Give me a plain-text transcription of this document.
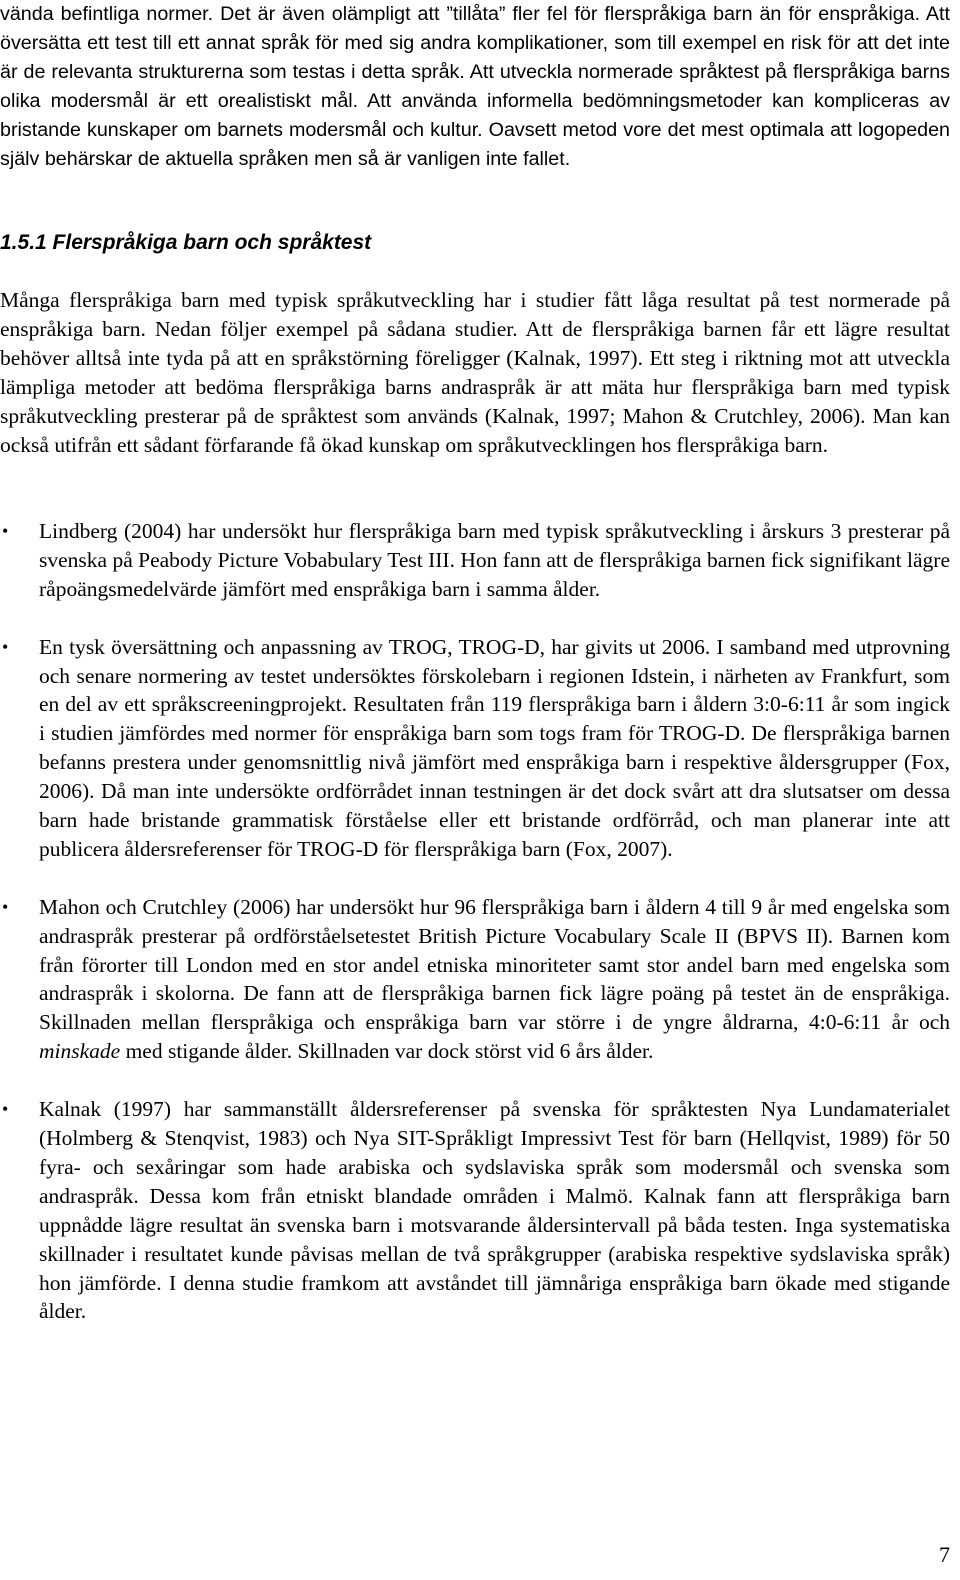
vända befintliga normer. Det är även olämpligt att ”tillåta” fler fel för flerspråkiga barn än för enspråkiga. Att översätta ett test till ett annat språk för med sig andra komplikationer, som till exempel en risk för att det inte är de relevanta strukturerna som testas i detta språk. Att utveckla normerade språktest på flerspråkiga barns olika modersmål är ett orealistiskt mål. Att använda informella bedömningsmetoder kan kompliceras av bristande kunskaper om barnets modersmål och kultur. Oavsett metod vore det mest optimala att logopeden själv behärskar de aktuella språken men så är vanligen inte fallet.
1.5.1 Flerspråkiga barn och språktest
Många flerspråkiga barn med typisk språkutveckling har i studier fått låga resultat på test normerade på enspråkiga barn. Nedan följer exempel på sådana studier. Att de flerspråkiga barnen får ett lägre resultat behöver alltså inte tyda på att en språkstörning föreligger (Kalnak, 1997). Ett steg i riktning mot att utveckla lämpliga metoder att bedöma flerspråkiga barns andraspråk är att mäta hur flerspråkiga barn med typisk språkutveckling presterar på de språktest som används (Kalnak, 1997; Mahon & Crutchley, 2006). Man kan också utifrån ett sådant förfarande få ökad kunskap om språkutvecklingen hos flerspråkiga barn.
• Lindberg (2004) har undersökt hur flerspråkiga barn med typisk språkutveckling i årskurs 3 presterar på svenska på Peabody Picture Vobabulary Test III. Hon fann att de flerspråkiga barnen fick signifikant lägre råpoängsmedelvärde jämfört med enspråkiga barn i samma ålder.
• En tysk översättning och anpassning av TROG, TROG-D, har givits ut 2006. I samband med utprovning och senare normering av testet undersöktes förskolebarn i regionen Idstein, i närheten av Frankfurt, som en del av ett språkscreeningprojekt. Resultaten från 119 flerspråkiga barn i åldern 3:0-6:11 år som ingick i studien jämfördes med normer för enspråkiga barn som togs fram för TROG-D. De flerspråkiga barnen befanns prestera under genomsnittlig nivå jämfört med enspråkiga barn i respektive åldersgrupper (Fox, 2006). Då man inte undersökte ordförrådet innan testningen är det dock svårt att dra slutsatser om dessa barn hade bristande grammatisk förståelse eller ett bristande ordförråd, och man planerar inte att publicera åldersreferenser för TROG-D för flerspråkiga barn (Fox, 2007).
• Mahon och Crutchley (2006) har undersökt hur 96 flerspråkiga barn i åldern 4 till 9 år med engelska som andraspråk presterar på ordförståelsetestet British Picture Vocabulary Scale II (BPVS II). Barnen kom från förorter till London med en stor andel etniska minoriteter samt stor andel barn med engelska som andraspråk i skolorna. De fann att de flerspråkiga barnen fick lägre poäng på testet än de enspråkiga. Skillnaden mellan flerspråkiga och enspråkiga barn var större i de yngre åldrarna, 4:0-6:11 år och minskade med stigande ålder. Skillnaden var dock störst vid 6 års ålder.
• Kalnak (1997) har sammanställt åldersreferenser på svenska för språktesten Nya Lundamaterialet (Holmberg & Stenqvist, 1983) och Nya SIT-Språkligt Impressivt Test för barn (Hellqvist, 1989) för 50 fyra- och sexåringar som hade arabiska och sydslaviska språk som modersmål och svenska som andraspråk. Dessa kom från etniskt blandade områden i Malmö. Kalnak fann att flerspråkiga barn uppnådde lägre resultat än svenska barn i motsvarande åldersintervall på båda testen. Inga systematiska skillnader i resultatet kunde påvisas mellan de två språkgrupper (arabiska respektive sydslaviska språk) hon jämförde. I denna studie framkom att avståndet till jämnåriga enspråkiga barn ökade med stigande ålder.
7
